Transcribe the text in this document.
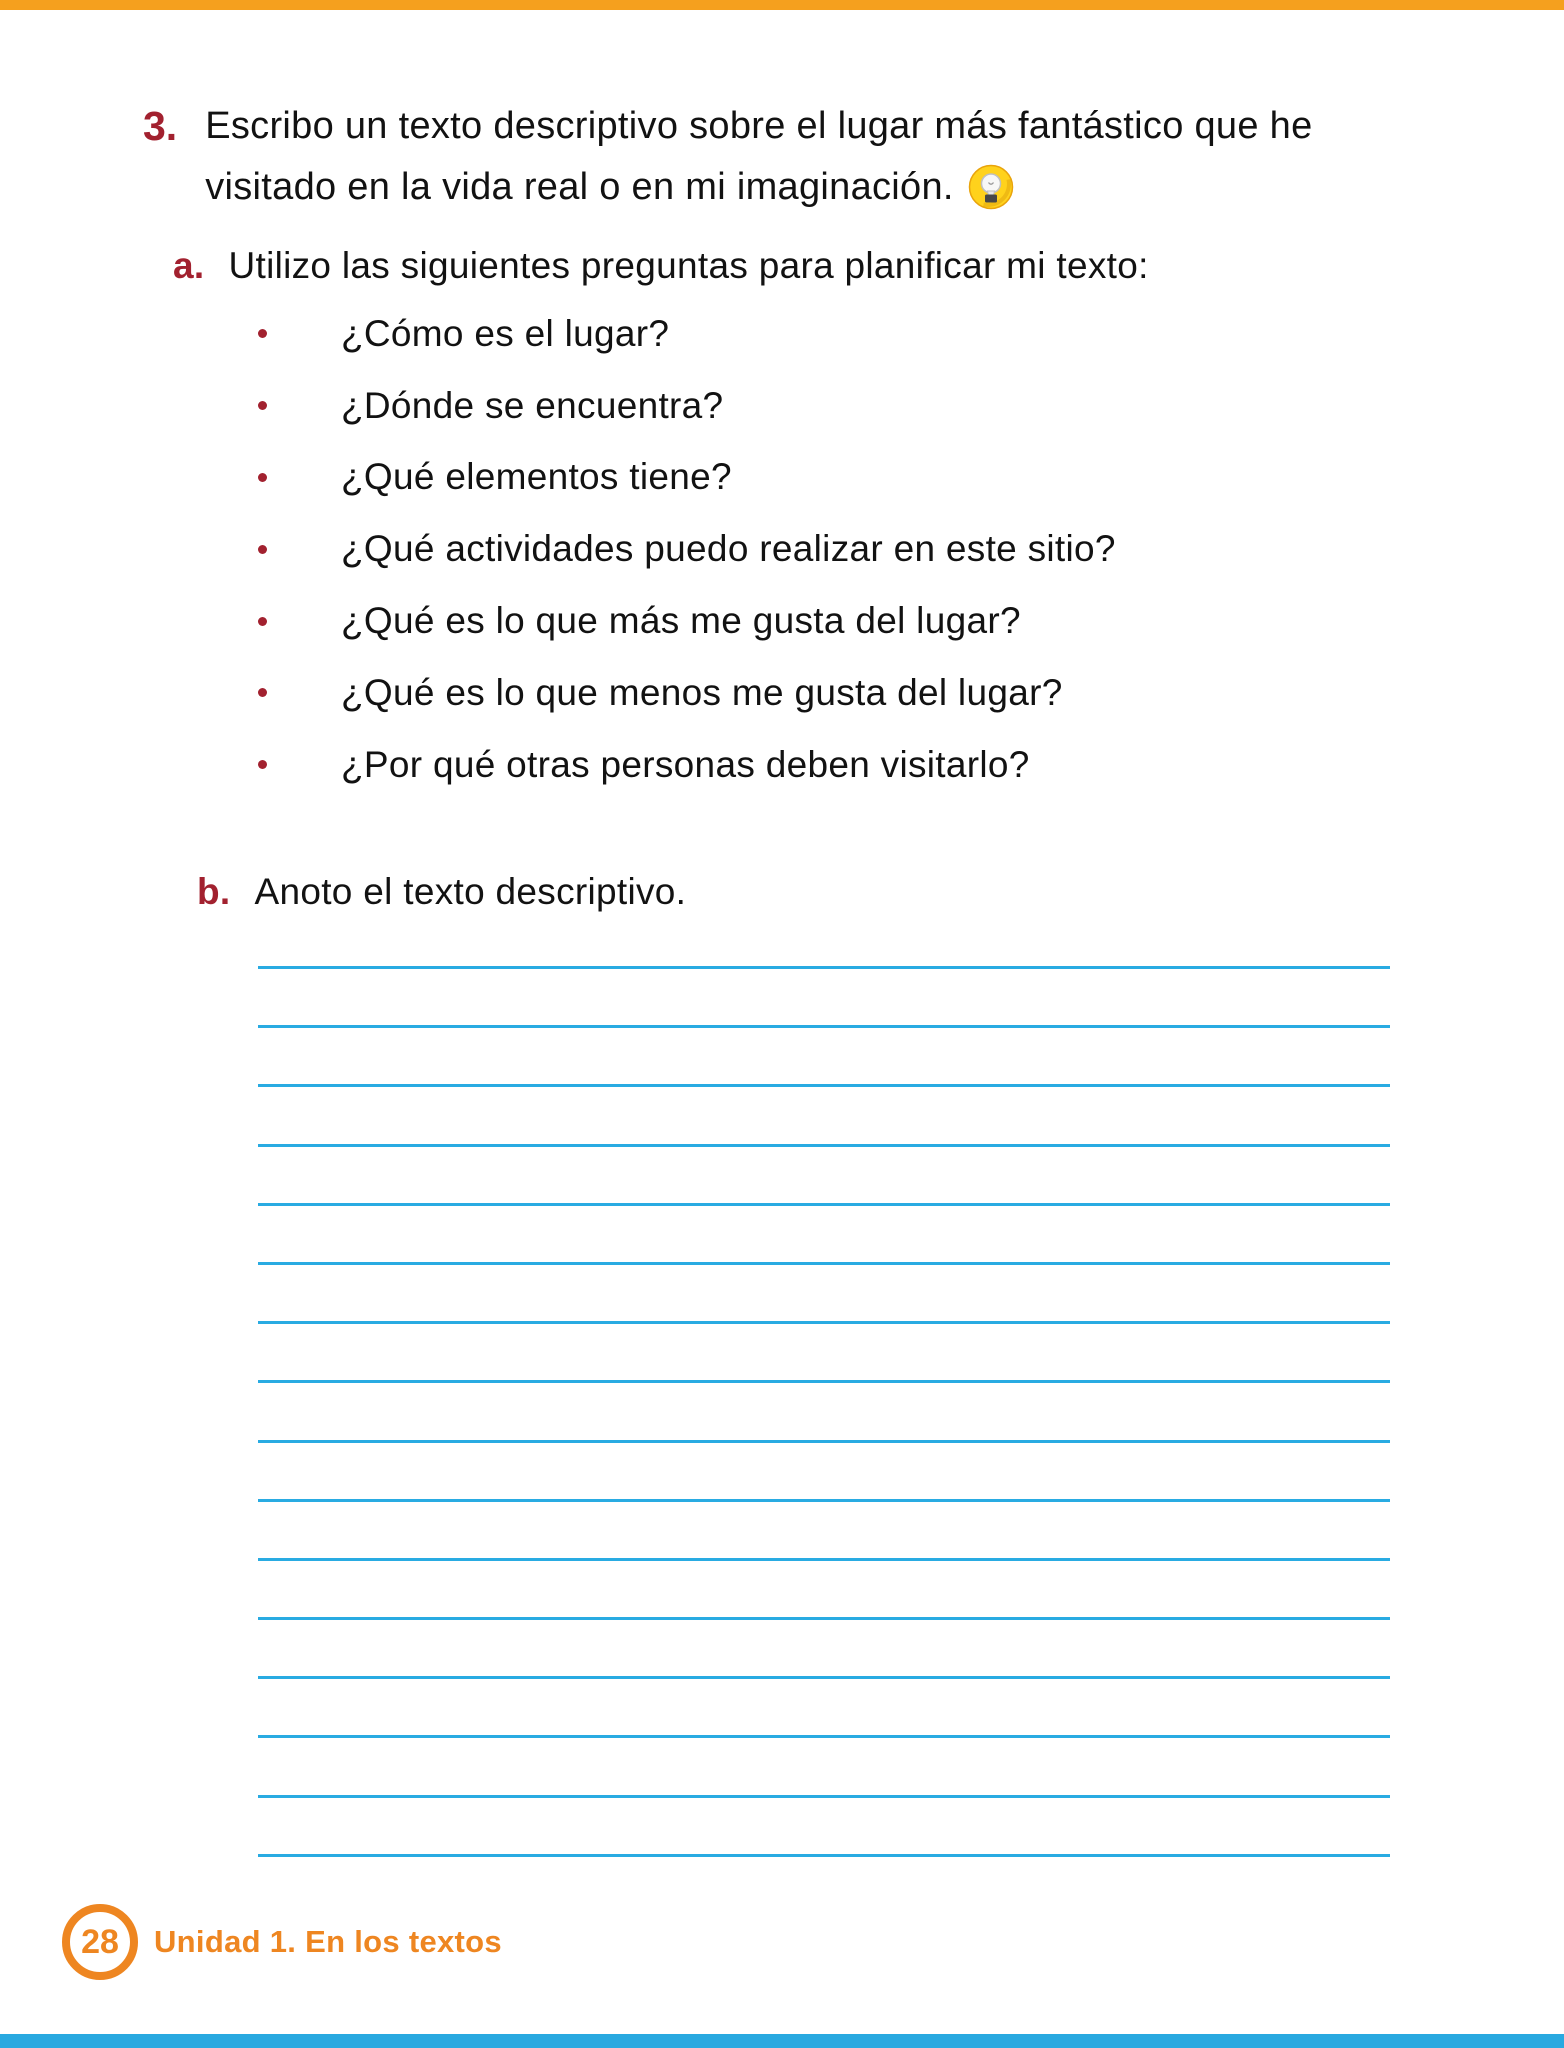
3. Escribo un texto descriptivo sobre el lugar más fantástico que he
visitado en la vida real o en mi imaginación.
a. Utilizo las siguientes preguntas para planificar mi texto:
¿Cómo es el lugar?
¿Dónde se encuentra?
¿Qué elementos tiene?
¿Qué actividades puedo realizar en este sitio?
¿Qué es lo que más me gusta del lugar?
¿Qué es lo que menos me gusta del lugar?
¿Por qué otras personas deben visitarlo?
b. Anoto el texto descriptivo.
28 Unidad 1. En los textos
